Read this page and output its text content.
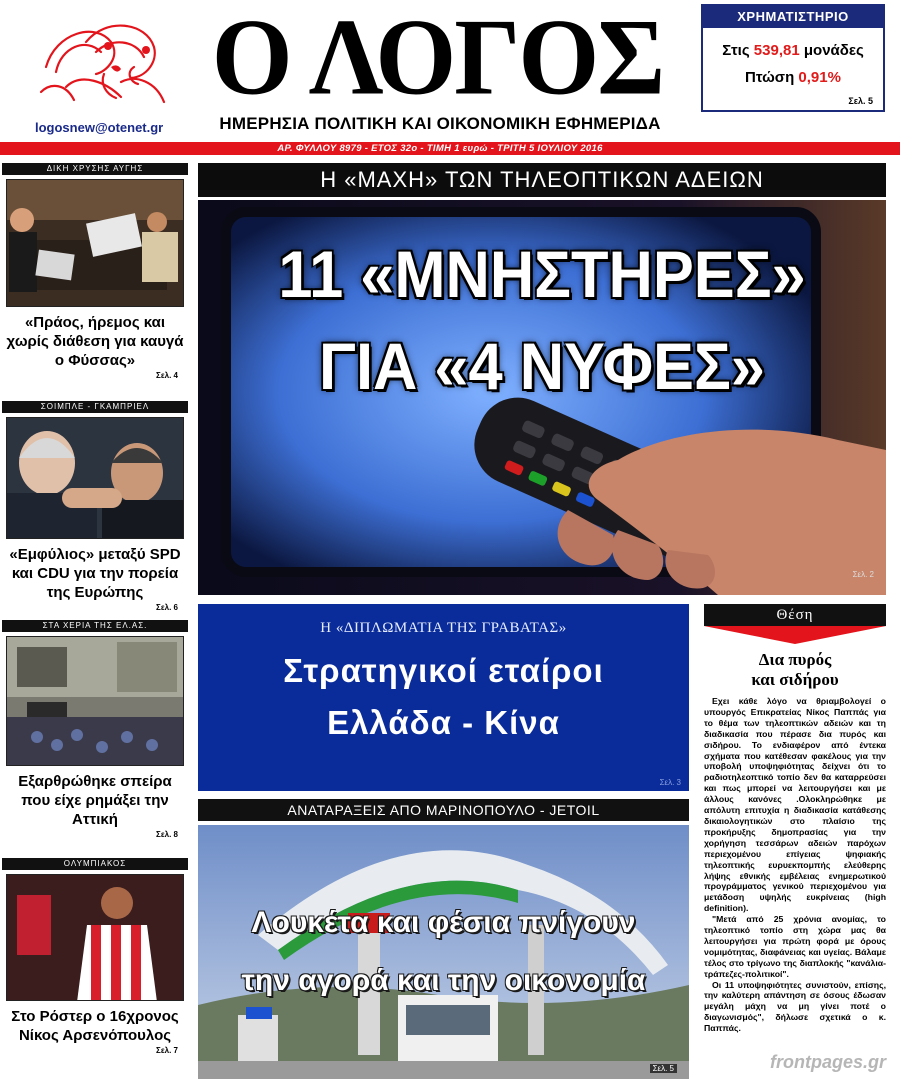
logosnew@otenet.gr
Ο ΛΟΓΟΣ
ΗΜΕΡΗΣΙΑ ΠΟΛΙΤΙΚΗ ΚΑΙ ΟΙΚΟΝΟΜΙΚΗ ΕΦΗΜΕΡΙΔΑ
ΧΡΗΜΑΤΙΣΤΗΡΙΟ
Στις 539,81 μονάδες
Πτώση 0,91%
Σελ. 5
ΑΡ. ΦΥΛΛΟΥ 8979 - ΕΤΟΣ 32ο - ΤΙΜΗ 1 ευρώ - ΤΡΙΤΗ 5 ΙΟΥΛΙΟΥ 2016
ΔΙΚΗ ΧΡΥΣΗΣ ΑΥΓΗΣ
«Πράος, ήρεμος και χωρίς διάθεση για καυγά ο Φύσσας»
Σελ. 4
ΣΟΙΜΠΛΕ - ΓΚΑΜΠΡΙΕΛ
«Εμφύλιος» μεταξύ SPD και CDU για την πορεία της Ευρώπης
Σελ. 6
ΣΤΑ ΧΕΡΙΑ ΤΗΣ ΕΛ.ΑΣ.
Εξαρθρώθηκε σπείρα που είχε ρημάξει την Αττική
Σελ. 8
ΟΛΥΜΠΙΑΚΟΣ
Στο Ρόστερ ο 16χρονος Νίκος Αρσενόπουλος
Σελ. 7
Η «ΜΑΧΗ» ΤΩΝ ΤΗΛΕΟΠΤΙΚΩΝ ΑΔΕΙΩΝ
11 «ΜΝΗΣΤΗΡΕΣ»
ΓΙΑ «4 ΝΥΦΕΣ»
Σελ. 2
Η «ΔΙΠΛΩΜΑΤΙΑ ΤΗΣ ΓΡΑΒΑΤΑΣ»
Στρατηγικοί εταίροι
Ελλάδα - Κίνα
Σελ. 3
ΑΝΑΤΑΡΑΞΕΙΣ ΑΠΟ ΜΑΡΙΝΟΠΟΥΛΟ - JETOIL
Λουκέτα και φέσια πνίγουν
την αγορά και την οικονομία
Σελ. 5
Θέση
Δια πυρός
και σιδήρου

Εχει κάθε λόγο να θριαμβολογεί ο υπουργός Επικρατείας Νίκος Παππάς για το θέμα των τηλεοπτικών αδειών και τη διαδικασία που πέρασε δια πυρός και σιδήρου. Το ενδιαφέρον από έντεκα σχήματα που κατέθεσαν φακέλους για την υποβολή υποψηφιότητας δείχνει ότι το ραδιοτηλεοπτικό τοπίο δεν θα καταρρεύσει και πως μπορεί να λειτουργήσει και με άλλους κανόνες .Ολοκληρώθηκε με απόλυτη επιτυχία η διαδικασία κατάθεσης δικαιολογητικών στο πλαίσιο της προκήρυξης δημοπρασίας για την χορήγηση τεσσάρων αδειών παρόχων περιεχομένου επίγειας ψηφιακής τηλεοπτικής ευρυεκπομπής ελεύθερης λήψης εθνικής εμβέλειας ενημερωτικού προγράμματος γενικού περιεχομένου για μετάδοση υψηλής ευκρίνειας (high definition).

"Μετά από 25 χρόνια ανομίας, το τηλεοπτικό τοπίο στη χώρα μας θα λειτουργήσει για πρώτη φορά με όρους νομιμότητας, διαφάνειας και υγείας. Βάλαμε τέλος στο τρίγωνο της διαπλοκής "κανάλια-τράπεζες-πολιτικοί".

Οι 11 υποψηφιότητες συνιστούν, επίσης, την καλύτερη απάντηση σε όσους έδωσαν μεγάλη μάχη να μη γίνει ποτέ ο διαγωνισμός", δήλωσε σχετικά ο κ. Παππάς.

frontpages.gr
